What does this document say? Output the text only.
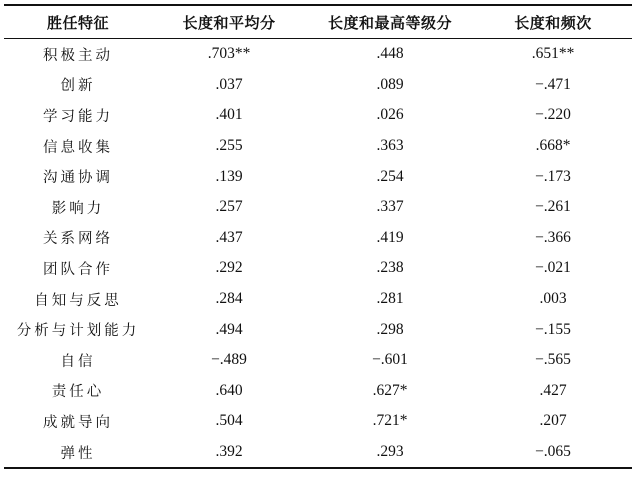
胜任特征	长度和平均分	长度和最高等级分	长度和频次
积极主动	.703**	.448	.651**
创新	.037	.089	−.471
学习能力	.401	.026	−.220
信息收集	.255	.363	.668*
沟通协调	.139	.254	−.173
影响力	.257	.337	−.261
关系网络	.437	.419	−.366
团队合作	.292	.238	−.021
自知与反思	.284	.281	.003
分析与计划能力	.494	.298	−.155
自信	−.489	−.601	−.565
责任心	.640	.627*	.427
成就导向	.504	.721*	.207
弹性	.392	.293	−.065
